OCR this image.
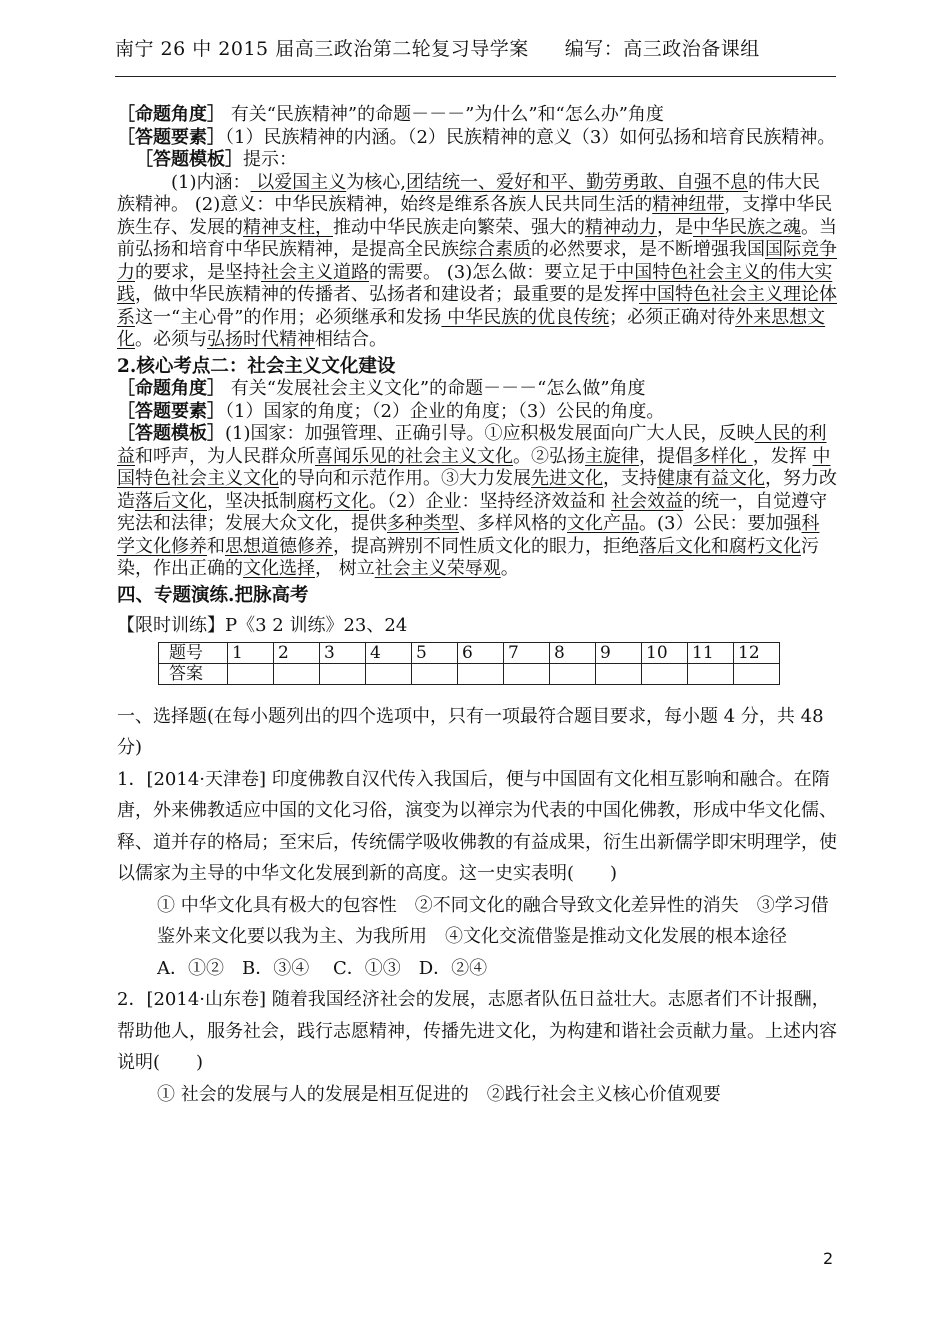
南宁 26 中 2015 届高三政治第二轮复习导学案 编写：高三政治备课组

［命题角度］ 有关“民族精神”的命题－－－”为什么”和“怎么办”角度

［答题要素］（1）民族精神的内涵。（2）民族精神的意义（3）如何弘扬和培育民族精神。

［答题模板］提示：

(1)内涵： 以爱国主义为核心,团结统一、爱好和平、勤劳勇敢、自强不息的伟大民族精神。 (2)意义：中华民族精神，始终是维系各族人民共同生活的精神纽带，支撑中华民族生存、发展的精神支柱，推动中华民族走向繁荣、强大的精神动力，是中华民族之魂。当前弘扬和培育中华民族精神，是提高全民族综合素质的必然要求，是不断增强我国国际竞争力的要求，是坚持社会主义道路的需要。 (3)怎么做：要立足于中国特色社会主义的伟大实践，做中华民族精神的传播者、弘扬者和建设者；最重要的是发挥中国特色社会主义理论体系这一“主心骨”的作用；必须继承和发扬 中华民族的优良传统；必须正确对待外来思想文化。必须与弘扬时代精神相结合。

2.核心考点二：社会主义文化建设

［命题角度］ 有关“发展社会主义文化”的命题－－－“怎么做”角度

［答题要素］（1）国家的角度；（2）企业的角度；（3）公民的角度。

［答题模板］(1)国家：加强管理、正确引导。①应积极发展面向广大人民，反映人民的利益和呼声，为人民群众所喜闻乐见的社会主义文化。②弘扬主旋律，提倡多样化 ，发挥 中国特色社会主义文化的导向和示范作用。③大力发展先进文化，支持健康有益文化，努力改造落后文化，坚决抵制腐朽文化。（2）企业：坚持经济效益和 社会效益的统一，自觉遵守宪法和法律；发展大众文化，提供多种类型、多样风格的文化产品。(3）公民：要加强科学文化修养和思想道德修养，提高辨别不同性质文化的眼力，拒绝落后文化和腐朽文化污染，作出正确的文化选择， 树立社会主义荣辱观。

四、专题演练.把脉高考

【限时训练】P《3 2 训练》23、24

题号	1	2	3	4	5	6	7	8	9	10	11	12
答案												

一、选择题(在每小题列出的四个选项中，只有一项最符合题目要求，每小题 4 分，共 48 分)

1．[2014·天津卷] 印度佛教自汉代传入我国后，便与中国固有文化相互影响和融合。在隋唐，外来佛教适应中国的文化习俗，演变为以禅宗为代表的中国化佛教，形成中华文化儒、释、道并存的格局；至宋后，传统儒学吸收佛教的有益成果，衍生出新儒学即宋明理学，使以儒家为主导的中华文化发展到新的高度。这一史实表明(　　)

① 中华文化具有极大的包容性　②不同文化的融合导致文化差异性的消失　③学习借鉴外来文化要以我为主、为我所用　④文化交流借鉴是推动文化发展的根本途径

A．①②　B．③④　 C．①③　D．②④

2．[2014·山东卷] 随着我国经济社会的发展，志愿者队伍日益壮大。志愿者们不计报酬，帮助他人，服务社会，践行志愿精神，传播先进文化，为构建和谐社会贡献力量。上述内容说明(　　)

① 社会的发展与人的发展是相互促进的　②践行社会主义核心价值观要

2
